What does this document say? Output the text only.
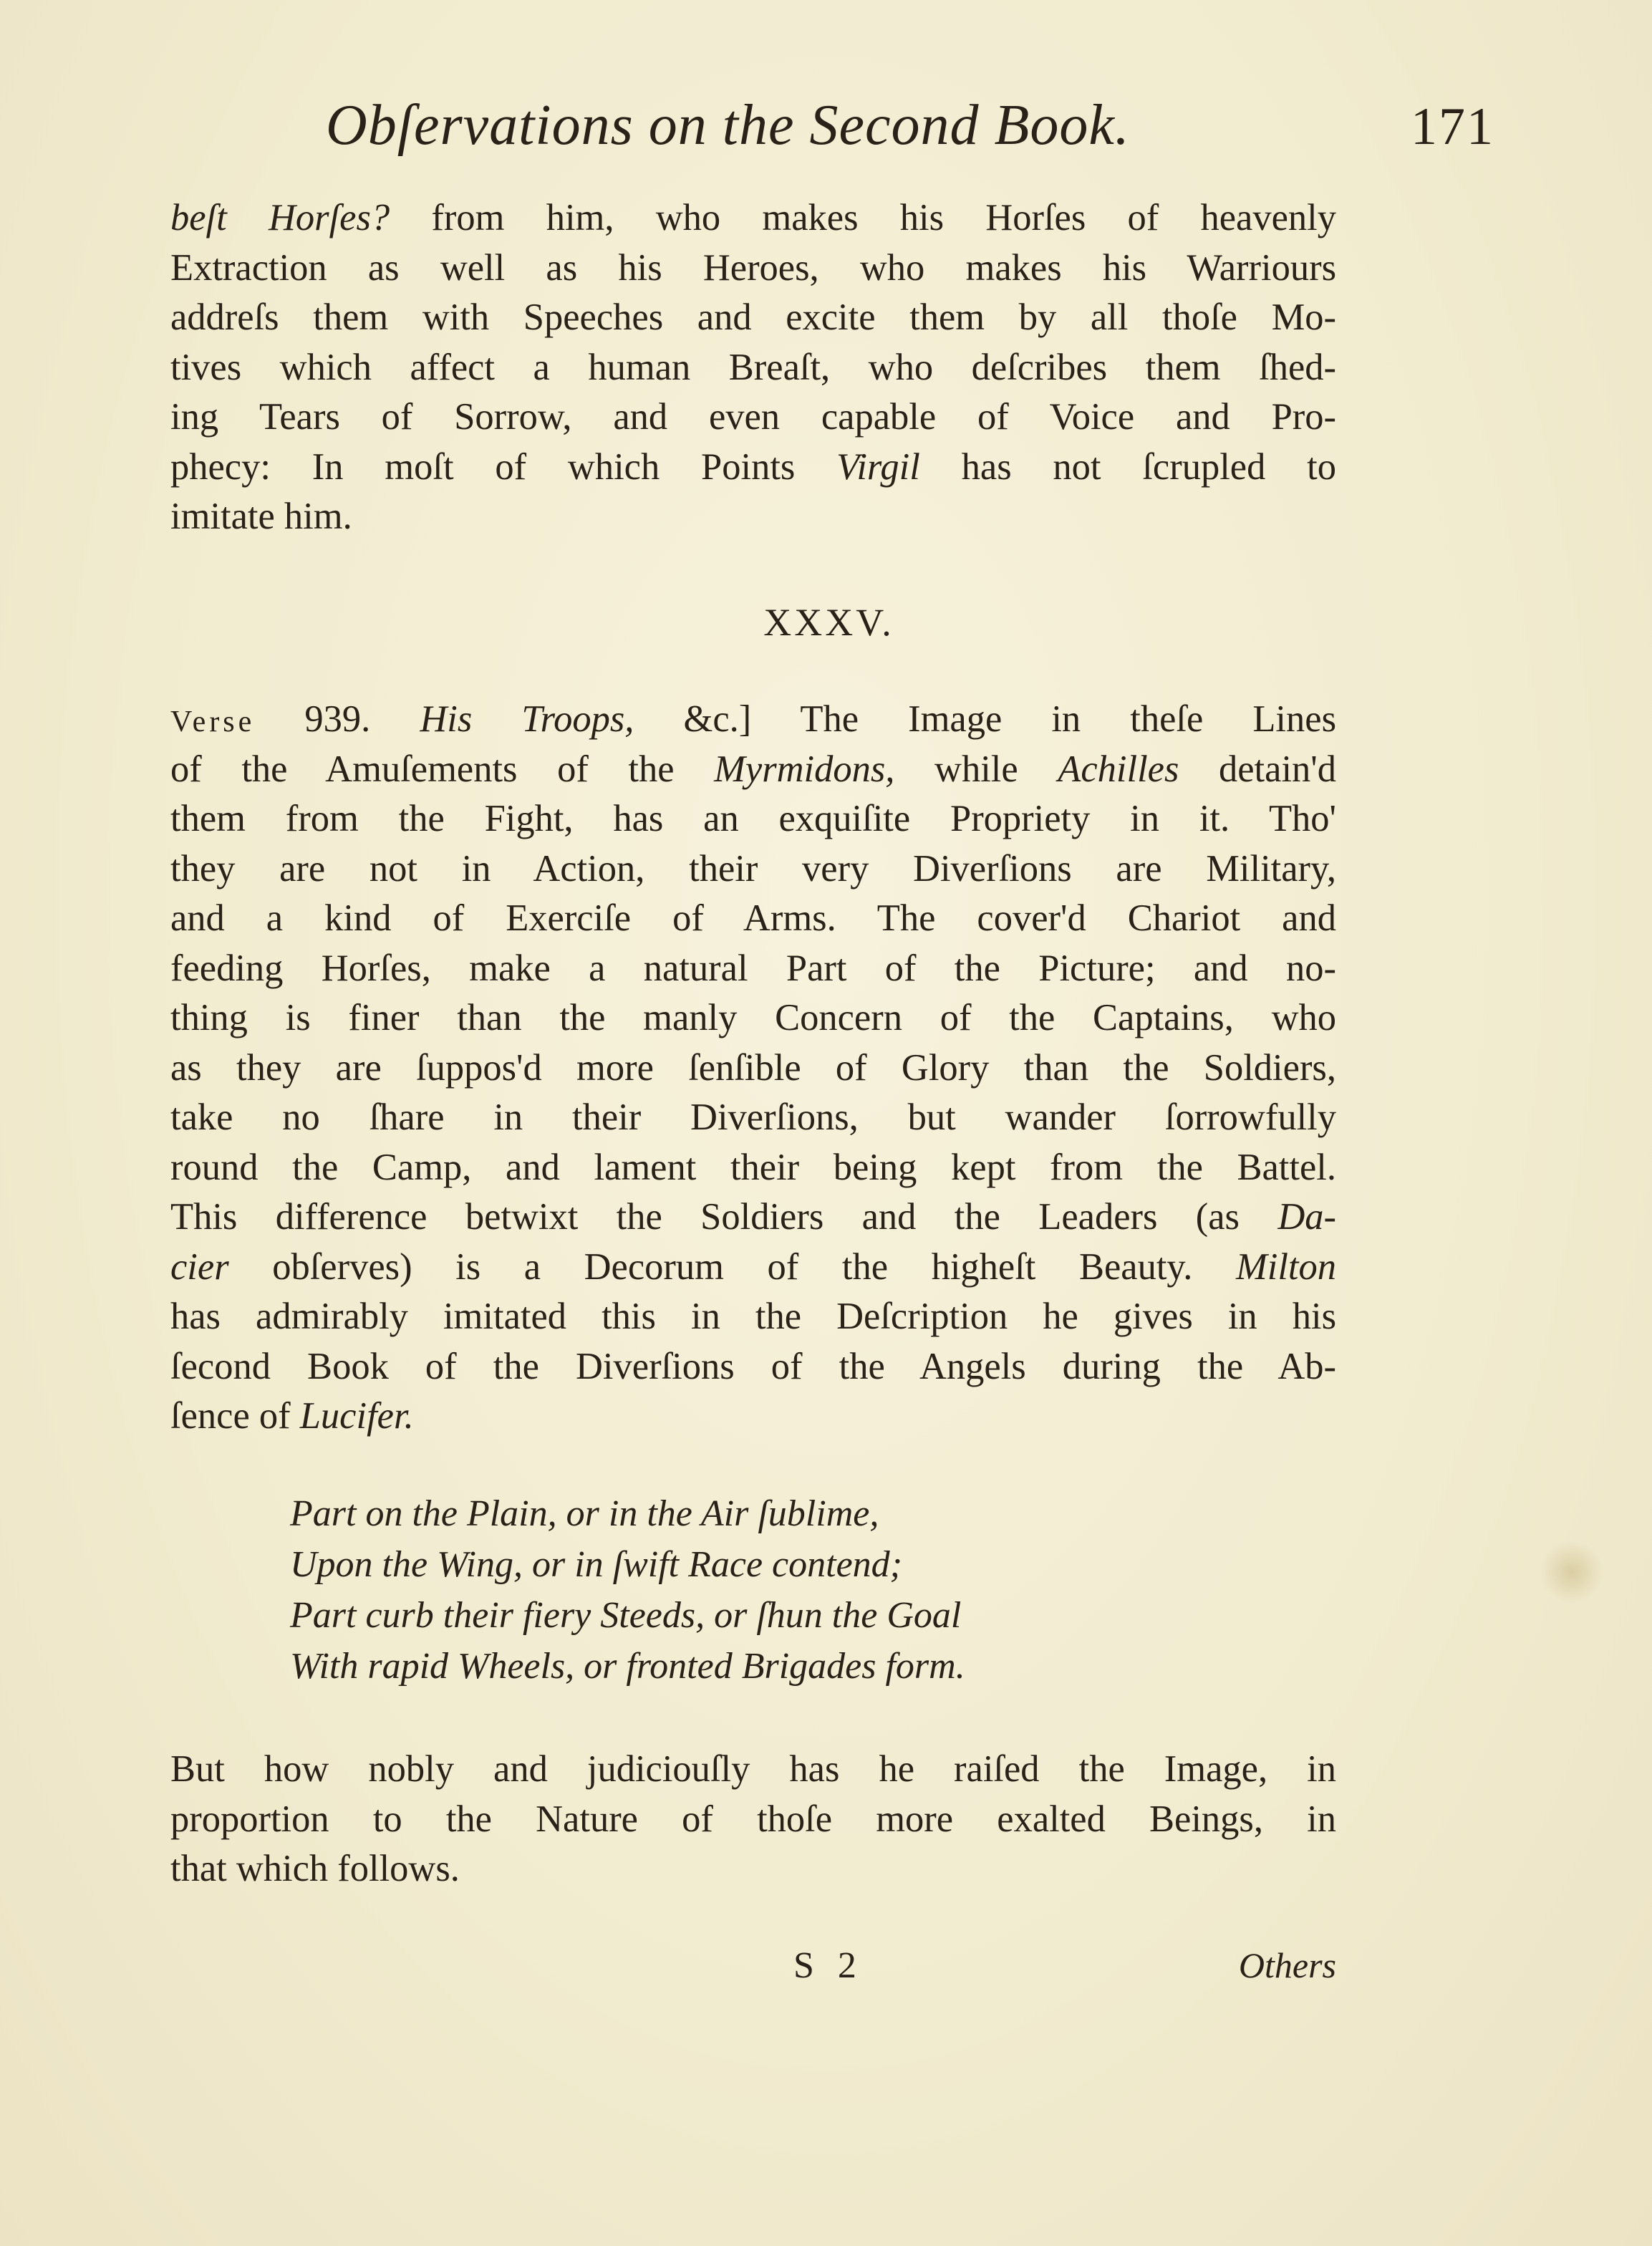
Obſervations on the Second Book.	171
beſt Horſes? from him, who makes his Horſes of heavenly
Extraction as well as his Heroes, who makes his Warriours
addreſs them with Speeches and excite them by all thoſe Mo-
tives which affect a human Breaſt, who deſcribes them ſhed-
ing Tears of Sorrow, and even capable of Voice and Pro-
phecy: In moſt of which Points Virgil has not ſcrupled to
imitate him.
XXXV.
Verse 939. His Troops, &c.] The Image in theſe Lines
of the Amuſements of the Myrmidons, while Achilles detain'd
them from the Fight, has an exquiſite Propriety in it. Tho'
they are not in Action, their very Diverſions are Military,
and a kind of Exerciſe of Arms. The cover'd Chariot and
feeding Horſes, make a natural Part of the Picture; and no-
thing is finer than the manly Concern of the Captains, who
as they are ſuppos'd more ſenſible of Glory than the Soldiers,
take no ſhare in their Diverſions, but wander ſorrowfully
round the Camp, and lament their being kept from the Battel.
This difference betwixt the Soldiers and the Leaders (as Da-
cier obſerves) is a Decorum of the higheſt Beauty. Milton
has admirably imitated this in the Deſcription he gives in his
ſecond Book of the Diverſions of the Angels during the Ab-
ſence of Lucifer.
Part on the Plain, or in the Air ſublime,
Upon the Wing, or in ſwift Race contend;
Part curb their fiery Steeds, or ſhun the Goal
With rapid Wheels, or fronted Brigades form.
But how nobly and judiciouſly has he raiſed the Image, in
proportion to the Nature of thoſe more exalted Beings, in
that which follows.
S 2	Others
